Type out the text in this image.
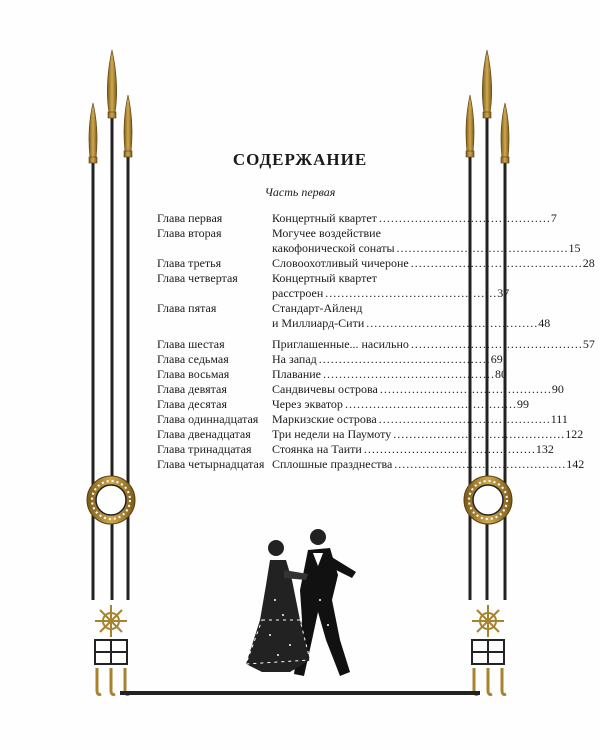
СОДЕРЖАНИЕ
Часть первая
Глава первая	Концертный квартет . . .	7
Глава вторая	Могучее воздействие
какофонической сонаты . . .	15
Глава третья	Словоохотливый чичероне . . .	28
Глава четвертая	Концертный квартет
расстроен . . .	37
Глава пятая	Стандарт-Айленд
и Миллиард-Сити . . .	48
Глава шестая	Приглашенные... насильно . . .	57
Глава седьмая	На запад . . .	69
Глава восьмая	Плавание . . .	80
Глава девятая	Сандвичевы острова . . .	90
Глава десятая	Через экватор . . .	99
Глава одиннадцатая	Маркизские острова . . .	111
Глава двенадцатая	Три недели на Паумоту . . .	122
Глава тринадцатая	Стоянка на Таити . . .	132
Глава четырнадцатая Сплошные празднества . . .	142
